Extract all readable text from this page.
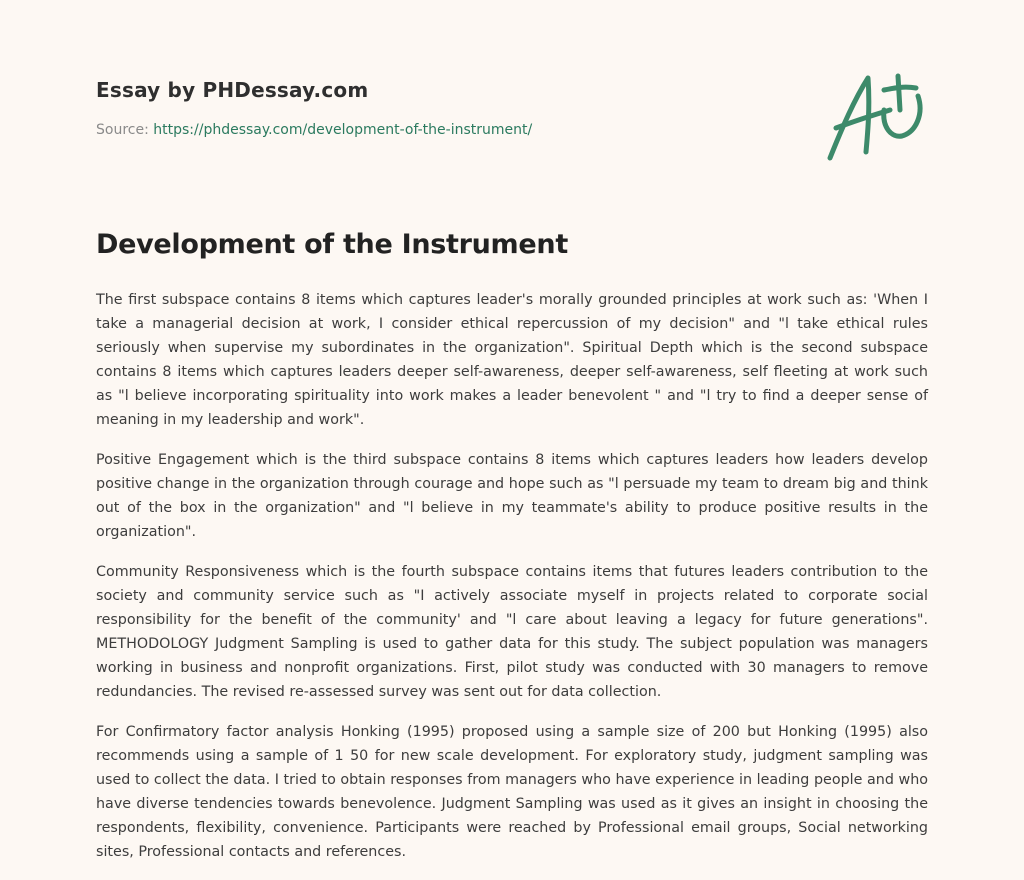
Essay by PHDessay.com
Source: https://phdessay.com/development-of-the-instrument/
Development of the Instrument

The first subspace contains 8 items which captures leader's morally grounded principles at work such as: 'When I take a managerial decision at work, I consider ethical repercussion of my decision" and "l take ethical rules seriously when supervise my subordinates in the organization". Spiritual Depth which is the second subspace contains 8 items which captures leaders deeper self-awareness, deeper self-awareness, self fleeting at work such as "l believe incorporating spirituality into work makes a leader benevolent " and "l try to find a deeper sense of meaning in my leadership and work".

Positive Engagement which is the third subspace contains 8 items which captures leaders how leaders develop positive change in the organization through courage and hope such as "l persuade my team to dream big and think out of the box in the organization" and "l believe in my teammate's ability to produce positive results in the organization".

Community Responsiveness which is the fourth subspace contains items that futures leaders contribution to the society and community service such as "I actively associate myself in projects related to corporate social responsibility for the benefit of the community' and "l care about leaving a legacy for future generations". METHODOLOGY Judgment Sampling is used to gather data for this study. The subject population was managers working in business and nonprofit organizations. First, pilot study was conducted with 30 managers to remove redundancies. The revised re-assessed survey was sent out for data collection.

For Confirmatory factor analysis Honking (1995) proposed using a sample size of 200 but Honking (1995) also recommends using a sample of 1 50 for new scale development. For exploratory study, judgment sampling was used to collect the data. I tried to obtain responses from managers who have experience in leading people and who have diverse tendencies towards benevolence. Judgment Sampling was used as it gives an insight in choosing the respondents, flexibility, convenience. Participants were reached by Professional email groups, Social networking sites, Professional contacts and references.
